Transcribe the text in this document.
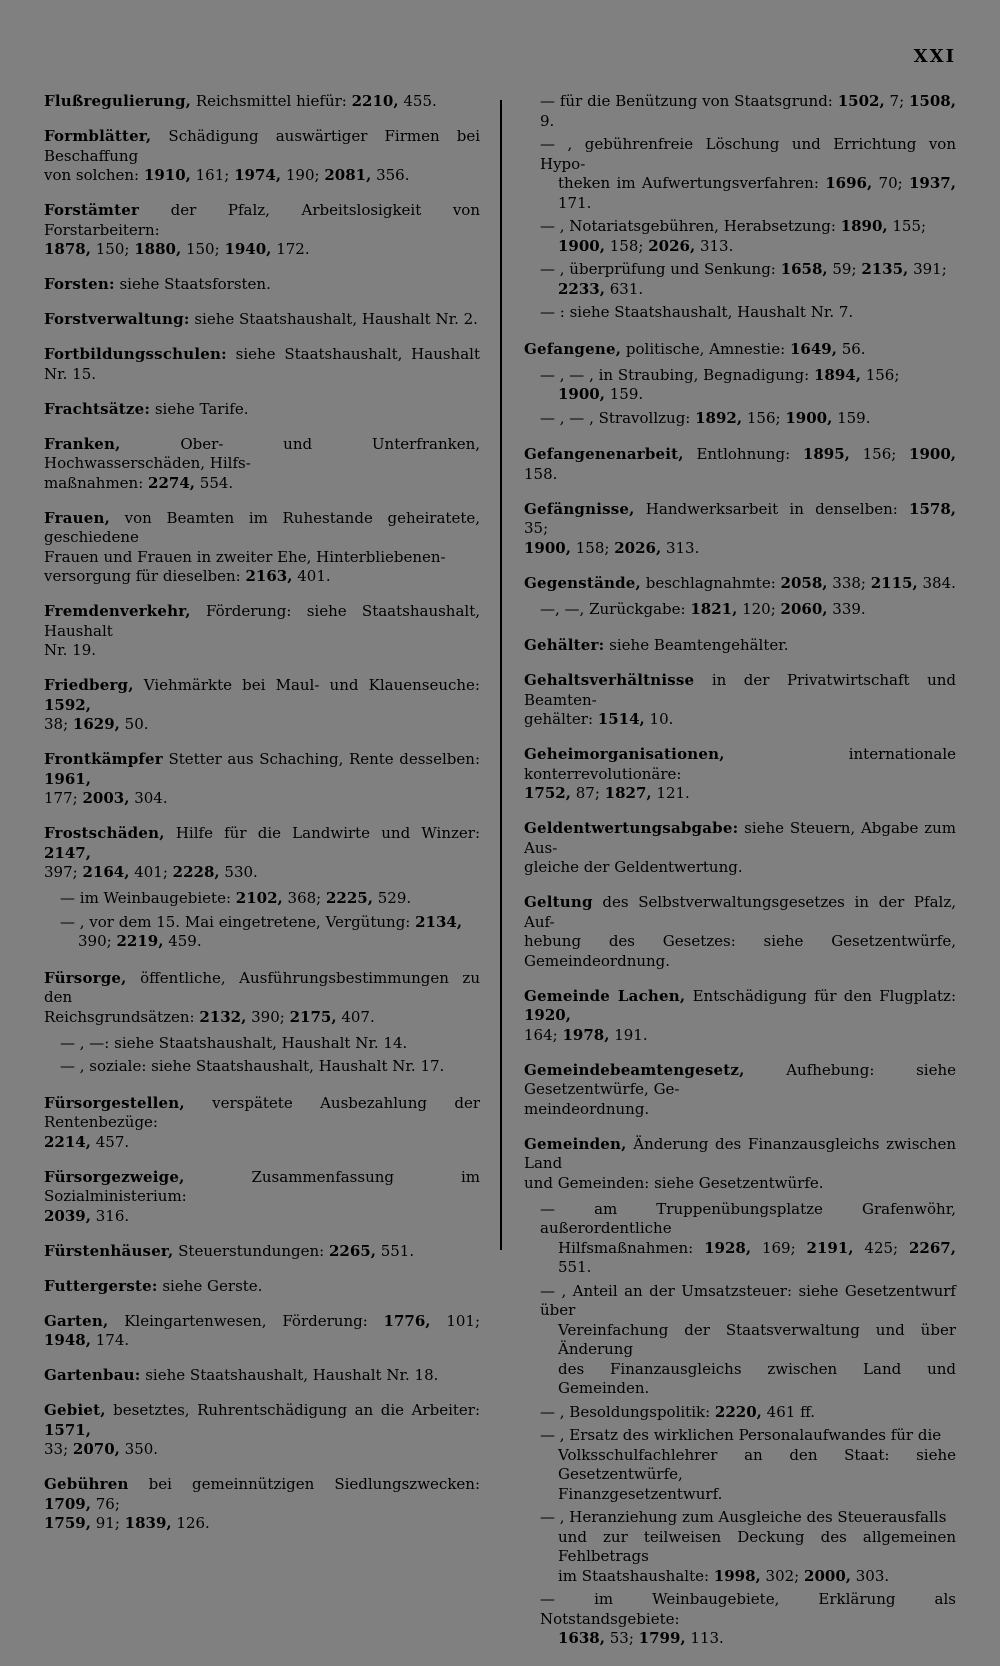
XXI
Flußregulierung, Reichsmittel hiefür: 2210, 455.
Formblätter, Schädigung auswärtiger Firmen bei Beschaffung
von solchen: 1910, 161; 1974, 190; 2081, 356.
Forstämter der Pfalz, Arbeitslosigkeit von Forstarbeitern:
1878, 150; 1880, 150; 1940, 172.
Forsten: siehe Staatsforsten.
Forstverwaltung: siehe Staatshaushalt, Haushalt Nr. 2.
Fortbildungsschulen: siehe Staatshaushalt, Haushalt Nr. 15.
Frachtsätze: siehe Tarife.
Franken, Ober- und Unterfranken, Hochwasserschäden, Hilfs-
maßnahmen: 2274, 554.
Frauen, von Beamten im Ruhestande geheiratete, geschiedene
Frauen und Frauen in zweiter Ehe, Hinterbliebenen-
versorgung für dieselben: 2163, 401.
Fremdenverkehr, Förderung: siehe Staatshaushalt, Haushalt
Nr. 19.
Friedberg, Viehmärkte bei Maul- und Klauenseuche: 1592,
38; 1629, 50.
Frontkämpfer Stetter aus Schaching, Rente desselben: 1961,
177; 2003, 304.
Frostschäden, Hilfe für die Landwirte und Winzer: 2147,
397; 2164, 401; 2228, 530.
— im Weinbaugebiete: 2102, 368; 2225, 529.
— , vor dem 15. Mai eingetretene, Vergütung: 2134,
390; 2219, 459.
Fürsorge, öffentliche, Ausführungsbestimmungen zu den
Reichsgrundsätzen: 2132, 390; 2175, 407.
— , —: siehe Staatshaushalt, Haushalt Nr. 14.
— , soziale: siehe Staatshaushalt, Haushalt Nr. 17.
Fürsorgestellen, verspätete Ausbezahlung der Rentenbezüge:
2214, 457.
Fürsorgezweige, Zusammenfassung im Sozialministerium:
2039, 316.
Fürstenhäuser, Steuerstundungen: 2265, 551.
Futtergerste: siehe Gerste.
Garten, Kleingartenwesen, Förderung: 1776, 101; 1948, 174.
Gartenbau: siehe Staatshaushalt, Haushalt Nr. 18.
Gebiet, besetztes, Ruhrentschädigung an die Arbeiter: 1571,
33; 2070, 350.
Gebühren bei gemeinnützigen Siedlungszwecken: 1709, 76;
1759, 91; 1839, 126.
— für die Benützung von Staatsgrund: 1502, 7; 1508, 9.
— , gebührenfreie Löschung und Errichtung von Hypo-
theken im Aufwertungsverfahren: 1696, 70; 1937, 171.
— , Notariatsgebühren, Herabsetzung: 1890, 155;
1900, 158; 2026, 313.
— , überprüfung und Senkung: 1658, 59; 2135, 391;
2233, 631.
— : siehe Staatshaushalt, Haushalt Nr. 7.
Gefangene, politische, Amnestie: 1649, 56.
— , — , in Straubing, Begnadigung: 1894, 156;
1900, 159.
— , — , Stravollzug: 1892, 156; 1900, 159.
Gefangenenarbeit, Entlohnung: 1895, 156; 1900, 158.
Gefängnisse, Handwerksarbeit in denselben: 1578, 35;
1900, 158; 2026, 313.
Gegenstände, beschlagnahmte: 2058, 338; 2115, 384.
—, —, Zurückgabe: 1821, 120; 2060, 339.
Gehälter: siehe Beamtengehälter.
Gehaltsverhältnisse in der Privatwirtschaft und Beamten-
gehälter: 1514, 10.
Geheimorganisationen, internationale konterrevolutionäre:
1752, 87; 1827, 121.
Geldentwertungsabgabe: siehe Steuern, Abgabe zum Aus-
gleiche der Geldentwertung.
Geltung des Selbstverwaltungsgesetzes in der Pfalz, Auf-
hebung des Gesetzes: siehe Gesetzentwürfe, Gemeindeordnung.
Gemeinde Lachen, Entschädigung für den Flugplatz: 1920,
164; 1978, 191.
Gemeindebeamtengesetz, Aufhebung: siehe Gesetzentwürfe, Ge-
meindeordnung.
Gemeinden, Änderung des Finanzausgleichs zwischen Land
und Gemeinden: siehe Gesetzentwürfe.
— am Truppenübungsplatze Grafenwöhr, außerordentliche
Hilfsmaßnahmen: 1928, 169; 2191, 425; 2267, 551.
— , Anteil an der Umsatzsteuer: siehe Gesetzentwurf über
Vereinfachung der Staatsverwaltung und über Änderung
des Finanzausgleichs zwischen Land und Gemeinden.
— , Besoldungspolitik: 2220, 461 ff.
— , Ersatz des wirklichen Personalaufwandes für die
Volksschulfachlehrer an den Staat: siehe Gesetzentwürfe,
Finanzgesetzentwurf.
— , Heranziehung zum Ausgleiche des Steuerausfalls
und zur teilweisen Deckung des allgemeinen Fehlbetrags
im Staatshaushalte: 1998, 302; 2000, 303.
— im Weinbaugebiete, Erklärung als Notstandsgebiete:
1638, 53; 1799, 113.
